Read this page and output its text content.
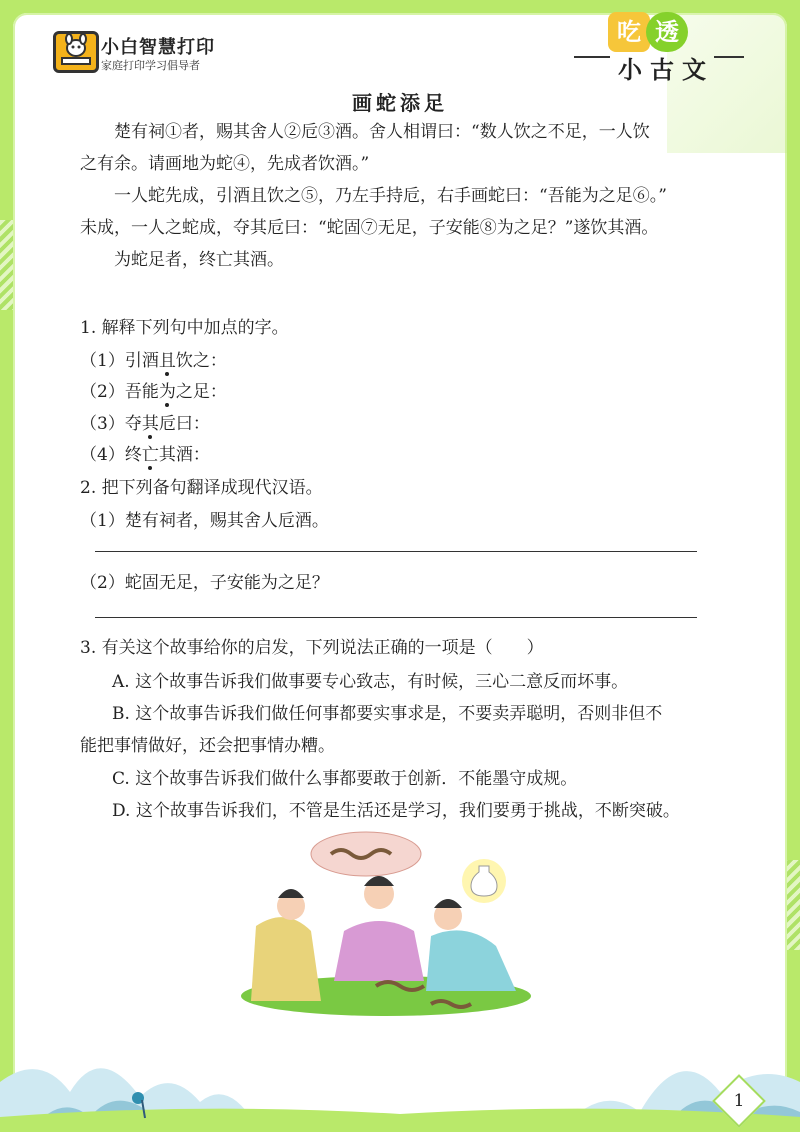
小白智慧打印
家庭打印学习倡导者
吃 透
小古文
画蛇添足
楚有祠①者，赐其舍人②卮③酒。舍人相谓曰：“数人饮之不足，一人饮
之有余。请画地为蛇④，先成者饮酒。”
一人蛇先成，引酒且饮之⑤，乃左手持卮，右手画蛇曰：“吾能为之足⑥。”
未成，一人之蛇成，夺其卮曰：“蛇固⑦无足，子安能⑧为之足？”遂饮其酒。
为蛇足者，终亡其酒。
1. 解释下列句中加点的字。
（1）引酒且饮之：
（2）吾能为之足：
（3）夺其卮曰：
（4）终亡其酒：
2. 把下列备句翻译成现代汉语。
（1）楚有祠者，赐其舍人卮酒。
（2）蛇固无足，子安能为之足？
3. 有关这个故事给你的启发，下列说法正确的一项是（　　）
A. 这个故事告诉我们做事要专心致志，有时候，三心二意反而坏事。
B. 这个故事告诉我们做任何事都要实事求是，不要卖弄聪明，否则非但不
能把事情做好，还会把事情办糟。
C. 这个故事告诉我们做什么事都要敢于创新．不能墨守成规。
D. 这个故事告诉我们，不管是生活还是学习，我们要勇于挑战，不断突破。
1
